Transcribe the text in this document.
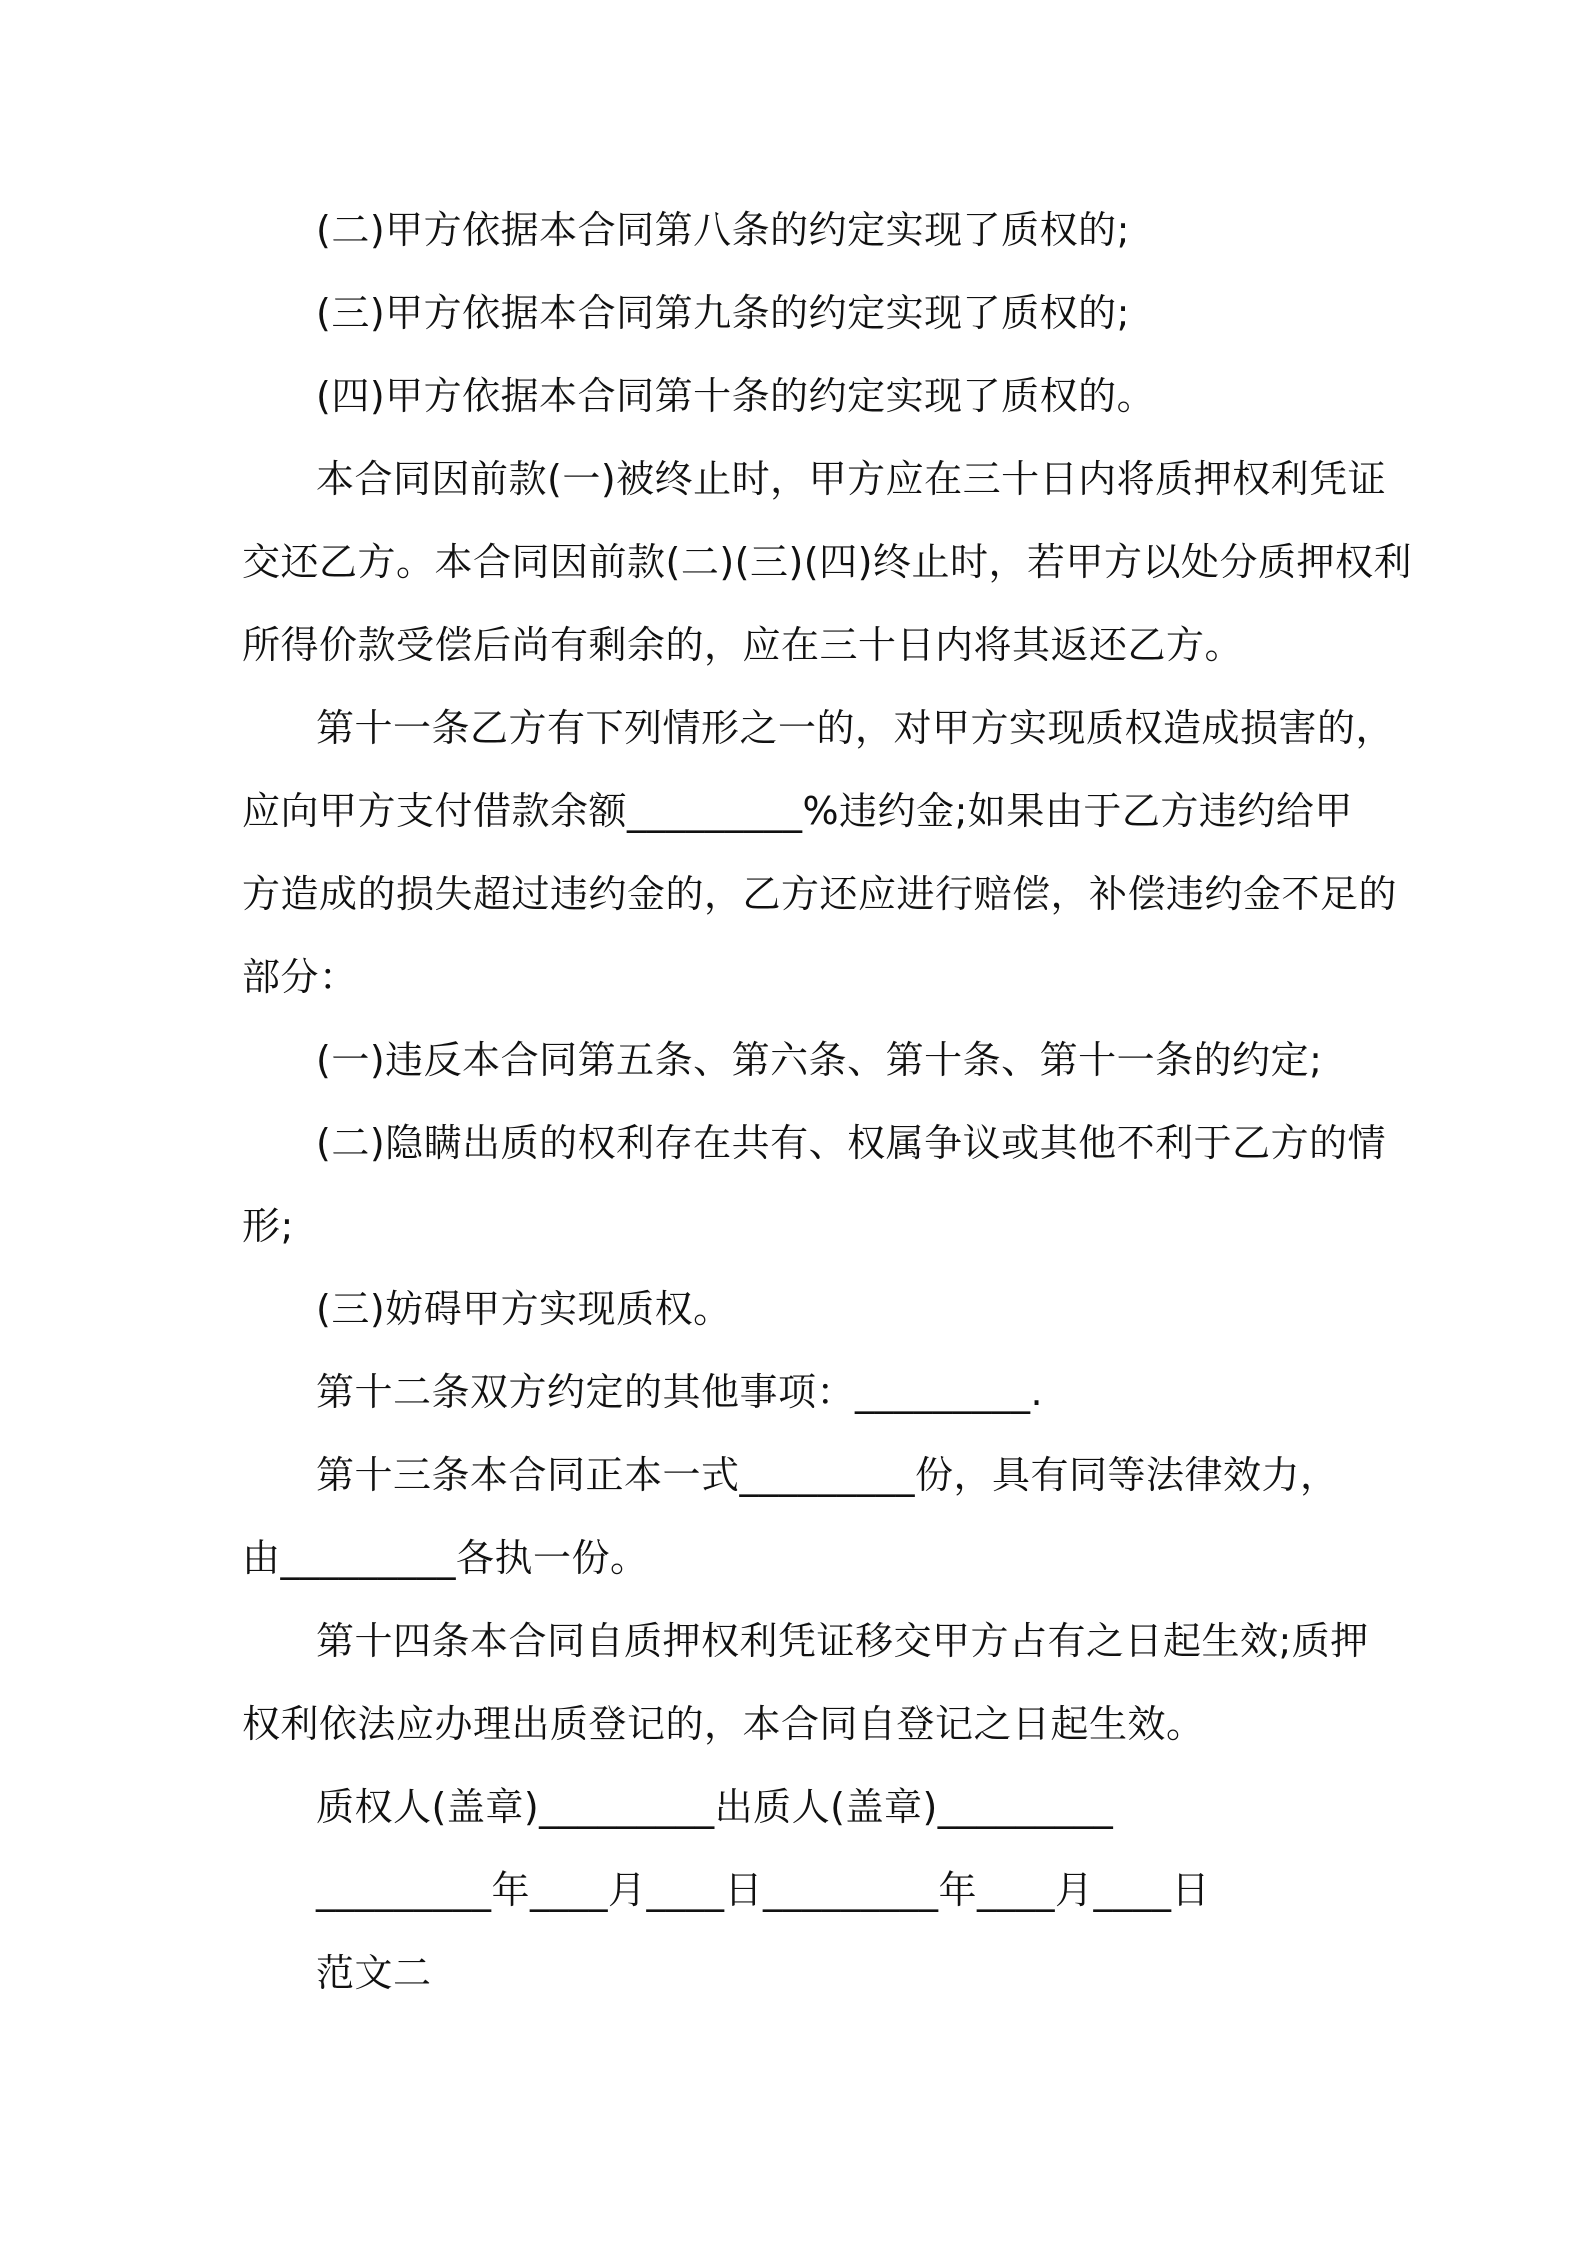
(二)甲方依据本合同第八条的约定实现了质权的;
(三)甲方依据本合同第九条的约定实现了质权的;
(四)甲方依据本合同第十条的约定实现了质权的。
本合同因前款(一)被终止时，甲方应在三十日内将质押权利凭证
交还乙方。本合同因前款(二)(三)(四)终止时，若甲方以处分质押权利
所得价款受偿后尚有剩余的，应在三十日内将其返还乙方。
第十一条乙方有下列情形之一的，对甲方实现质权造成损害的，
应向甲方支付借款余额_________%违约金;如果由于乙方违约给甲
方造成的损失超过违约金的，乙方还应进行赔偿，补偿违约金不足的
部分：
(一)违反本合同第五条、第六条、第十条、第十一条的约定;
(二)隐瞒出质的权利存在共有、权属争议或其他不利于乙方的情
形;
(三)妨碍甲方实现质权。
第十二条双方约定的其他事项：_________.
第十三条本合同正本一式_________份，具有同等法律效力，
由_________各执一份。
第十四条本合同自质押权利凭证移交甲方占有之日起生效;质押
权利依法应办理出质登记的，本合同自登记之日起生效。
质权人(盖章)_________出质人(盖章)_________
_________年____月____日_________年____月____日
范文二
